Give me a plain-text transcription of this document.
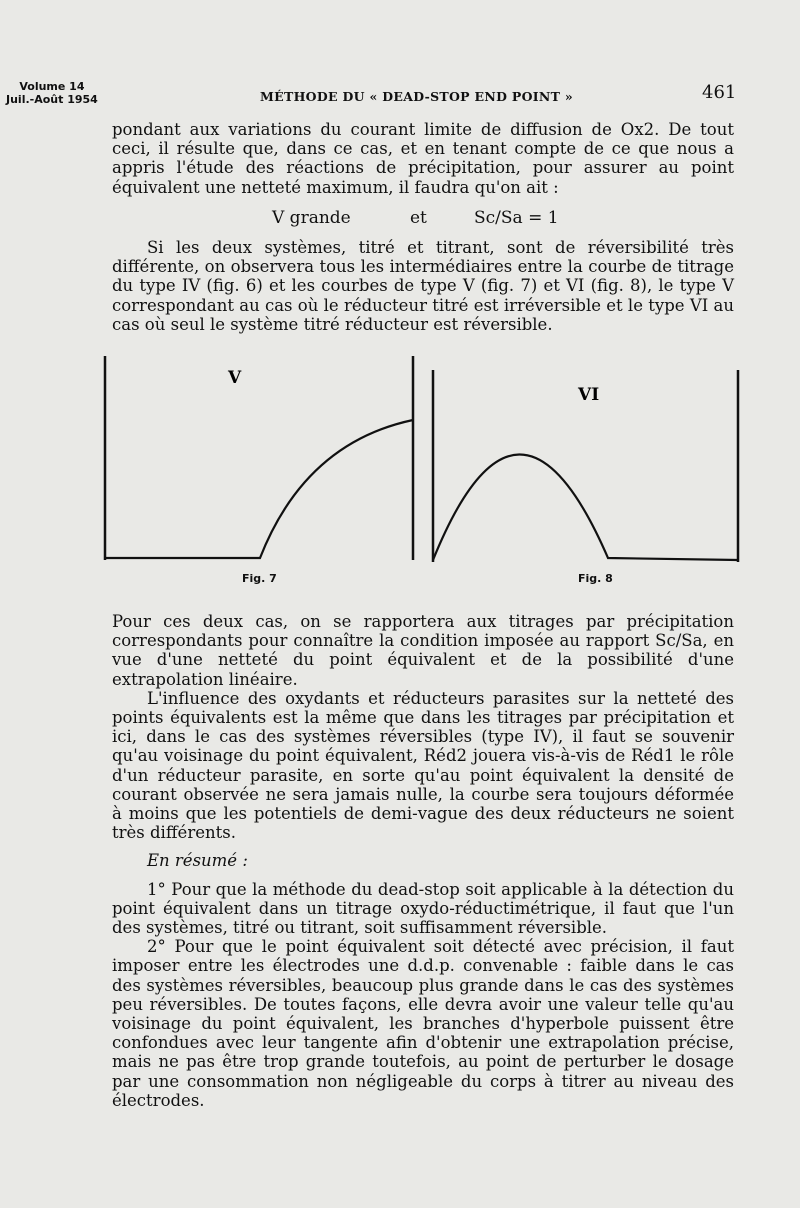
Volume 14
Juil.-Août 1954	MÉTHODE DU « DEAD-STOP END POINT »	461

pondant aux variations du courant limite de diffusion de Ox2. De tout ceci, il résulte que, dans ce cas, et en tenant compte de ce que nous a appris l'étude des réactions de précipitation, pour assurer au point équivalent une netteté maximum, il faudra qu'on ait :

V grande	et	Sc/Sa = 1

Si les deux systèmes, titré et titrant, sont de réversibilité très différente, on observera tous les intermédiaires entre la courbe de titrage du type IV (fig. 6) et les courbes de type V (fig. 7) et VI (fig. 8), le type V correspondant au cas où le réducteur titré est irréversible et le type VI au cas où seul le système titré réducteur est réversible.

V
Fig. 7
VI
Fig. 8

Pour ces deux cas, on se rapportera aux titrages par précipitation correspondants pour connaître la condition imposée au rapport Sc/Sa, en vue d'une netteté du point équivalent et de la possibilité d'une extrapolation linéaire.

L'influence des oxydants et réducteurs parasites sur la netteté des points équivalents est la même que dans les titrages par précipitation et ici, dans le cas des systèmes réversibles (type IV), il faut se souvenir qu'au voisinage du point équivalent, Réd2 jouera vis-à-vis de Réd1 le rôle d'un réducteur parasite, en sorte qu'au point équivalent la densité de courant observée ne sera jamais nulle, la courbe sera toujours déformée à moins que les potentiels de demi-vague des deux réducteurs ne soient très différents.

En résumé :

1° Pour que la méthode du dead-stop soit applicable à la détection du point équivalent dans un titrage oxydo-réductimétrique, il faut que l'un des systèmes, titré ou titrant, soit suffisamment réversible.

2° Pour que le point équivalent soit détecté avec précision, il faut imposer entre les électrodes une d.d.p. convenable : faible dans le cas des systèmes réversibles, beaucoup plus grande dans le cas des systèmes peu réversibles. De toutes façons, elle devra avoir une valeur telle qu'au voisinage du point équivalent, les branches d'hyperbole puissent être confondues avec leur tangente afin d'obtenir une extrapolation précise, mais ne pas être trop grande toutefois, au point de perturber le dosage par une consommation non négligeable du corps à titrer au niveau des électrodes.
